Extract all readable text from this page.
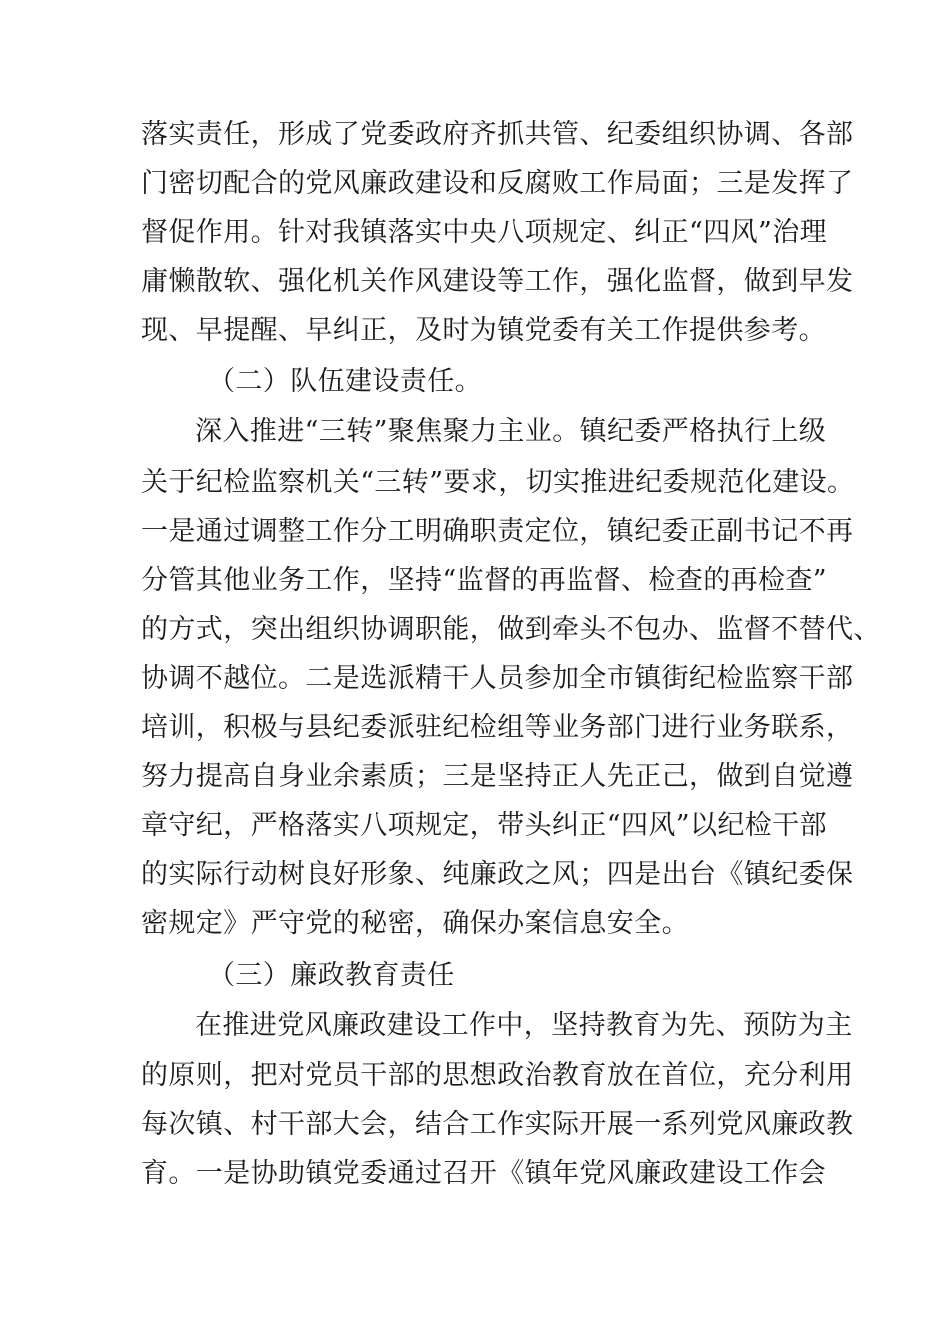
落实责任，形成了党委政府齐抓共管、纪委组织协调、各部
门密切配合的党风廉政建设和反腐败工作局面；三是发挥了
督促作用。针对我镇落实中央八项规定、纠正“四风”治理
庸懒散软、强化机关作风建设等工作，强化监督，做到早发
现、早提醒、早纠正，及时为镇党委有关工作提供参考。
（二）队伍建设责任。
深入推进“三转”聚焦聚力主业。镇纪委严格执行上级
关于纪检监察机关“三转”要求，切实推进纪委规范化建设。
一是通过调整工作分工明确职责定位，镇纪委正副书记不再
分管其他业务工作，坚持“监督的再监督、检查的再检查”
的方式，突出组织协调职能，做到牵头不包办、监督不替代、
协调不越位。二是选派精干人员参加全市镇街纪检监察干部
培训，积极与县纪委派驻纪检组等业务部门进行业务联系，
努力提高自身业余素质；三是坚持正人先正己，做到自觉遵
章守纪，严格落实八项规定，带头纠正“四风”以纪检干部
的实际行动树良好形象、纯廉政之风；四是出台《镇纪委保
密规定》严守党的秘密，确保办案信息安全。
（三）廉政教育责任
在推进党风廉政建设工作中，坚持教育为先、预防为主
的原则，把对党员干部的思想政治教育放在首位，充分利用
每次镇、村干部大会，结合工作实际开展一系列党风廉政教
育。一是协助镇党委通过召开《镇年党风廉政建设工作会
